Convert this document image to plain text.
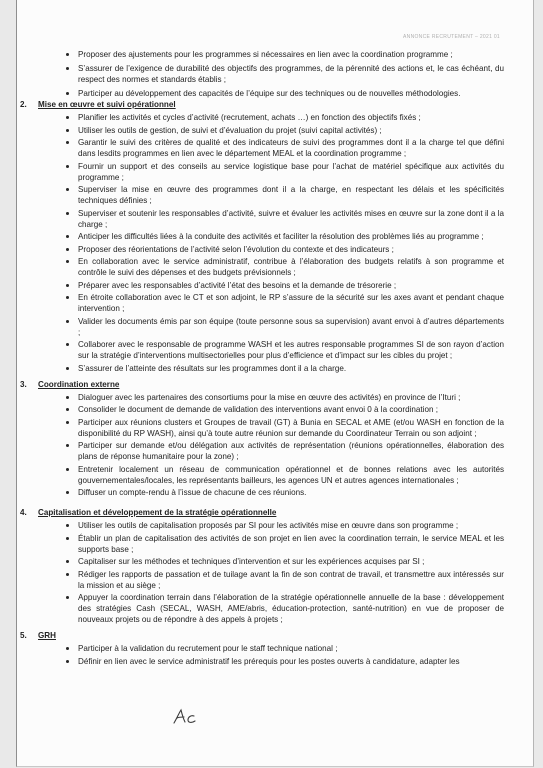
ANNONCE RECRUTEMENT – 2021 01
Proposer des ajustements pour les programmes si nécessaires en lien avec la coordination programme ;
S’assurer de l’exigence de durabilité des objectifs des programmes, de la pérennité des actions et, le cas échéant, du respect des normes et standards établis ;
Participer au développement des capacités de l’équipe sur des techniques ou de nouvelles méthodologies.
2. Mise en œuvre et suivi opérationnel
Planifier les activités et cycles d’activité (recrutement, achats …) en fonction des objectifs fixés ;
Utiliser les outils de gestion, de suivi et d’évaluation du projet (suivi capital activités) ;
Garantir le suivi des critères de qualité et des indicateurs de suivi des programmes dont il a la charge tel que défini dans lesdits programmes en lien avec le département MEAL et la coordination programme ;
Fournir un support et des conseils au service logistique base pour l’achat de matériel spécifique aux activités du programme ;
Superviser la mise en œuvre des programmes dont il a la charge, en respectant les délais et les spécificités techniques définies ;
Superviser et soutenir les responsables d’activité, suivre et évaluer les activités mises en œuvre sur la zone dont il a la charge ;
Anticiper les difficultés liées à la conduite des activités et faciliter la résolution des problèmes liés au programme ;
Proposer des réorientations de l’activité selon l’évolution du contexte et des indicateurs ;
En collaboration avec le service administratif, contribue à l’élaboration des budgets relatifs à son programme et contrôle le suivi des dépenses et des budgets prévisionnels ;
Préparer avec les responsables d’activité l’état des besoins et la demande de trésorerie ;
En étroite collaboration avec le CT et son adjoint, le RP s’assure de la sécurité sur les axes avant et pendant chaque intervention ;
Valider les documents émis par son équipe (toute personne sous sa supervision) avant envoi à d’autres départements ;
Collaborer avec le responsable de programme WASH et les autres responsable programmes SI de son rayon d’action sur la stratégie d’interventions multisectorielles pour plus d’efficience et d’impact sur les cibles du projet ;
S’assurer de l’atteinte des résultats sur les programmes dont il a la charge.
3. Coordination externe
Dialoguer avec les partenaires des consortiums pour la mise en œuvre des activités) en province de l’Ituri ;
Consolider le document de demande de validation des interventions avant envoi 0 à la coordination ;
Participer aux réunions clusters et Groupes de travail (GT) à Bunia en SECAL et AME (et/ou WASH en fonction de la disponibilité du RP WASH), ainsi qu’à toute autre réunion sur demande du Coordinateur Terrain ou son adjoint ;
Participer sur demande et/ou délégation aux activités de représentation (réunions opérationnelles, élaboration des plans de réponse humanitaire pour la zone) ;
Entretenir localement un réseau de communication opérationnel et de bonnes relations avec les autorités gouvernementales/locales, les représentants bailleurs, les agences UN et autres agences internationales ;
Diffuser un compte-rendu à l’issue de chacune de ces réunions.
4. Capitalisation et développement de la stratégie opérationnelle
Utiliser les outils de capitalisation proposés par SI pour les activités mise en œuvre dans son programme ;
Établir un plan de capitalisation des activités de son projet en lien avec la coordination terrain, le service MEAL et les supports base ;
Capitaliser sur les méthodes et techniques d’intervention et sur les expériences acquises par SI ;
Rédiger les rapports de passation et de tuilage avant la fin de son contrat de travail, et transmettre aux intéressés sur la mission et au siège ;
Appuyer la coordination terrain dans l’élaboration de la stratégie opérationnelle annuelle de la base : développement des stratégies Cash (SECAL, WASH, AME/abris, éducation-protection, santé-nutrition) en vue de proposer de nouveaux projets ou de répondre à des appels à projets ;
5. GRH
Participer à la validation du recrutement pour le staff technique national ;
Définir en lien avec le service administratif les prérequis pour les postes ouverts à candidature, adapter les
